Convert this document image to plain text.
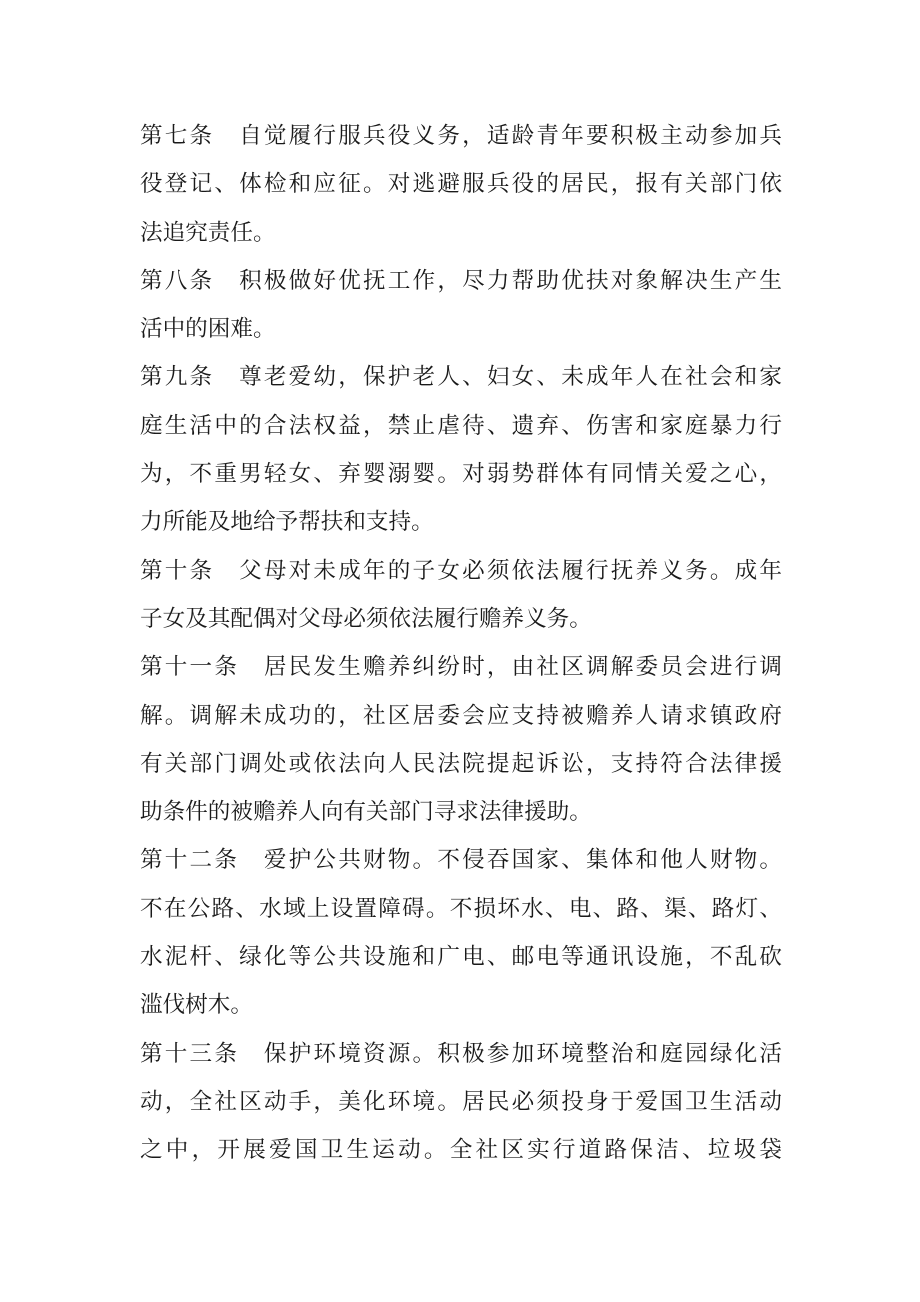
第七条　自觉履行服兵役义务，适龄青年要积极主动参加兵
役登记、体检和应征。对逃避服兵役的居民，报有关部门依
法追究责任。
第八条　积极做好优抚工作，尽力帮助优扶对象解决生产生
活中的困难。
第九条　尊老爱幼，保护老人、妇女、未成年人在社会和家
庭生活中的合法权益，禁止虐待、遗弃、伤害和家庭暴力行
为，不重男轻女、弃婴溺婴。对弱势群体有同情关爱之心，
力所能及地给予帮扶和支持。
第十条　父母对未成年的子女必须依法履行抚养义务。成年
子女及其配偶对父母必须依法履行赡养义务。
第十一条　居民发生赡养纠纷时，由社区调解委员会进行调
解。调解未成功的，社区居委会应支持被赡养人请求镇政府
有关部门调处或依法向人民法院提起诉讼，支持符合法律援
助条件的被赡养人向有关部门寻求法律援助。
第十二条　爱护公共财物。不侵吞国家、集体和他人财物。
不在公路、水域上设置障碍。不损坏水、电、路、渠、路灯、
水泥杆、绿化等公共设施和广电、邮电等通讯设施，不乱砍
滥伐树木。
第十三条　保护环境资源。积极参加环境整治和庭园绿化活
动，全社区动手，美化环境。居民必须投身于爱国卫生活动
之中，开展爱国卫生运动。全社区实行道路保洁、垃圾袋
